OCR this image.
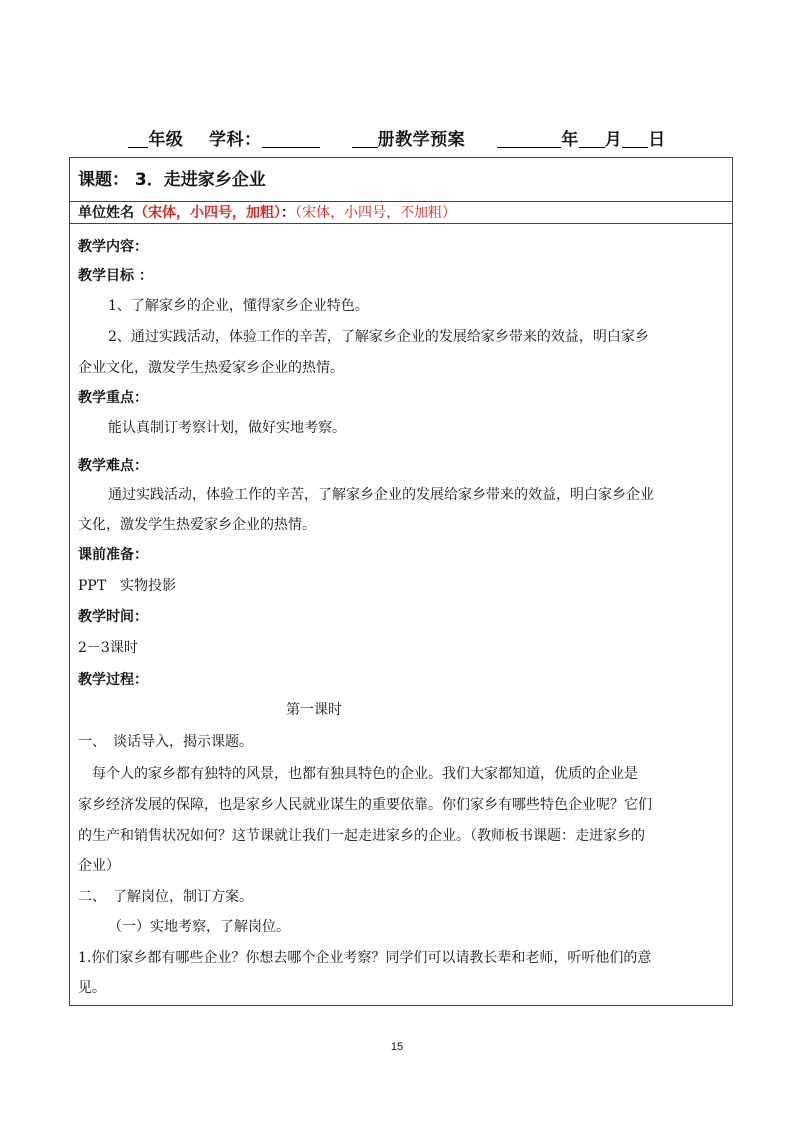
年级 学科：	册教学预案	年 月 日
课题： 3．走进家乡企业
单位姓名（宋体，小四号，加粗）：（宋体，小四号，不加粗）
教学内容：
教学目标 ：
1、了解家乡的企业，懂得家乡企业特色。
2、通过实践活动，体验工作的辛苦，了解家乡企业的发展给家乡带来的效益，明白家乡
企业文化，激发学生热爱家乡企业的热情。
教学重点：
能认真制订考察计划，做好实地考察。
教学难点：
通过实践活动，体验工作的辛苦，了解家乡企业的发展给家乡带来的效益，明白家乡企业
文化，激发学生热爱家乡企业的热情。
课前准备：
PPT　实物投影
教学时间：
2－3课时
教学过程：
第一课时
一、　谈话导入，揭示课题。
每个人的家乡都有独特的风景，也都有独具特色的企业。我们大家都知道，优质的企业是
家乡经济发展的保障，也是家乡人民就业谋生的重要依靠。你们家乡有哪些特色企业呢？它们
的生产和销售状况如何？这节课就让我们一起走进家乡的企业。（教师板书课题：走进家乡的
企业）
二、　了解岗位，制订方案。
（一）实地考察，了解岗位。
1.你们家乡都有哪些企业？你想去哪个企业考察？同学们可以请教长辈和老师，听听他们的意
见。
15
